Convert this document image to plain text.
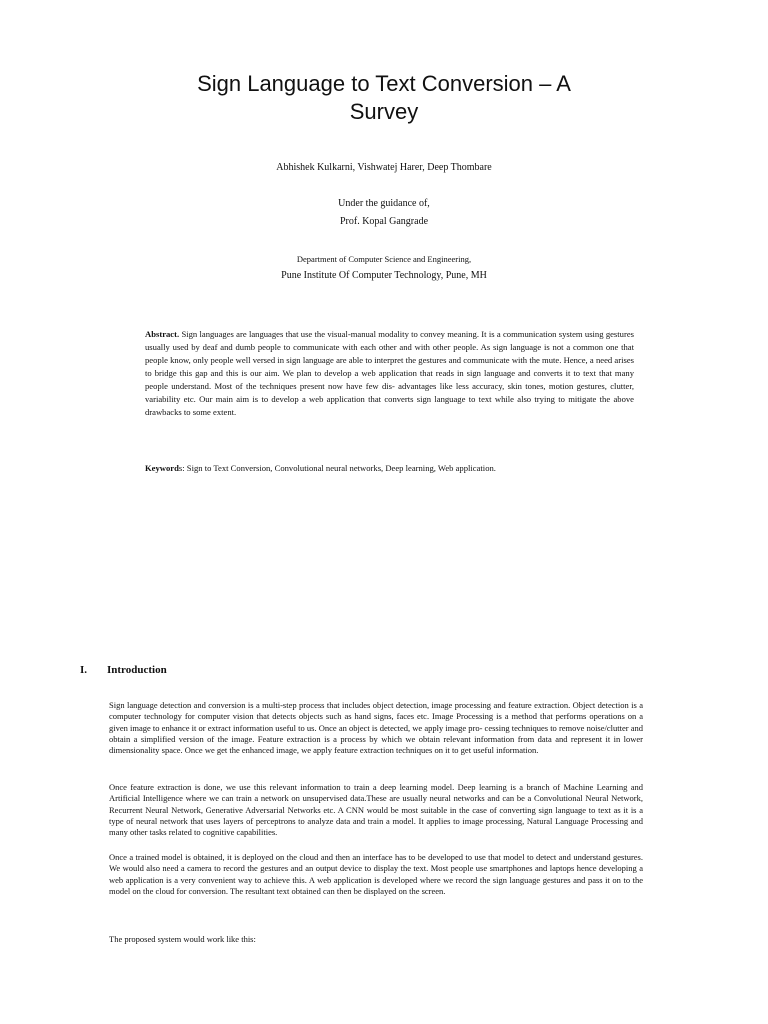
Sign Language to Text Conversion – A
Survey
Abhishek Kulkarni, Vishwatej Harer, Deep Thombare
Under the guidance of,
Prof. Kopal Gangrade
Department of Computer Science and Engineering,
Pune Institute Of Computer Technology, Pune, MH
Abstract. Sign languages are languages that use the visual-manual modality to convey meaning. It is a communication system using gestures usually used by deaf and dumb people to communicate with each other and with other people. As sign language is not a common one that people know, only people well versed in sign language are able to interpret the gestures and communicate with the mute. Hence, a need arises to bridge this gap and this is our aim. We plan to develop a web application that reads in sign language and converts it to text that many people understand. Most of the techniques present now have few dis- advantages like less accuracy, skin tones, motion gestures, clutter, variability etc. Our main aim is to develop a web application that converts sign language to text while also trying to mitigate the above drawbacks to some extent.
Keywords: Sign to Text Conversion, Convolutional neural networks, Deep learning, Web application.
I. Introduction
Sign language detection and conversion is a multi-step process that includes object detection, image processing and feature extraction. Object detection is a computer technology for computer vision that detects objects such as hand signs, faces etc. Image Processing is a method that performs operations on a given image to enhance it or extract information useful to us. Once an object is detected, we apply image pro- cessing techniques to remove noise/clutter and obtain a simplified version of the image. Feature extraction is a process by which we obtain relevant information from data and represent it in lower dimensionality space. Once we get the enhanced image, we apply feature extraction techniques on it to get useful information.
Once feature extraction is done, we use this relevant information to train a deep learning model. Deep learning is a branch of Machine Learning and Artificial Intelligence where we can train a network on unsupervised data.These are usually neural networks and can be a Convolutional Neural Network, Recurrent Neural Network, Generative Adversarial Networks etc. A CNN would be most suitable in the case of converting sign language to text as it is a type of neural network that uses layers of perceptrons to analyze data and train a model. It applies to image processing, Natural Language Processing and many other tasks related to cognitive capabilities.
Once a trained model is obtained, it is deployed on the cloud and then an interface has to be developed to use that model to detect and understand gestures. We would also need a camera to record the gestures and an output device to display the text. Most people use smartphones and laptops hence developing a web application is a very convenient way to achieve this. A web application is developed where we record the sign language gestures and pass it on to the model on the cloud for conversion. The resultant text obtained can then be displayed on the screen.
The proposed system would work like this:
